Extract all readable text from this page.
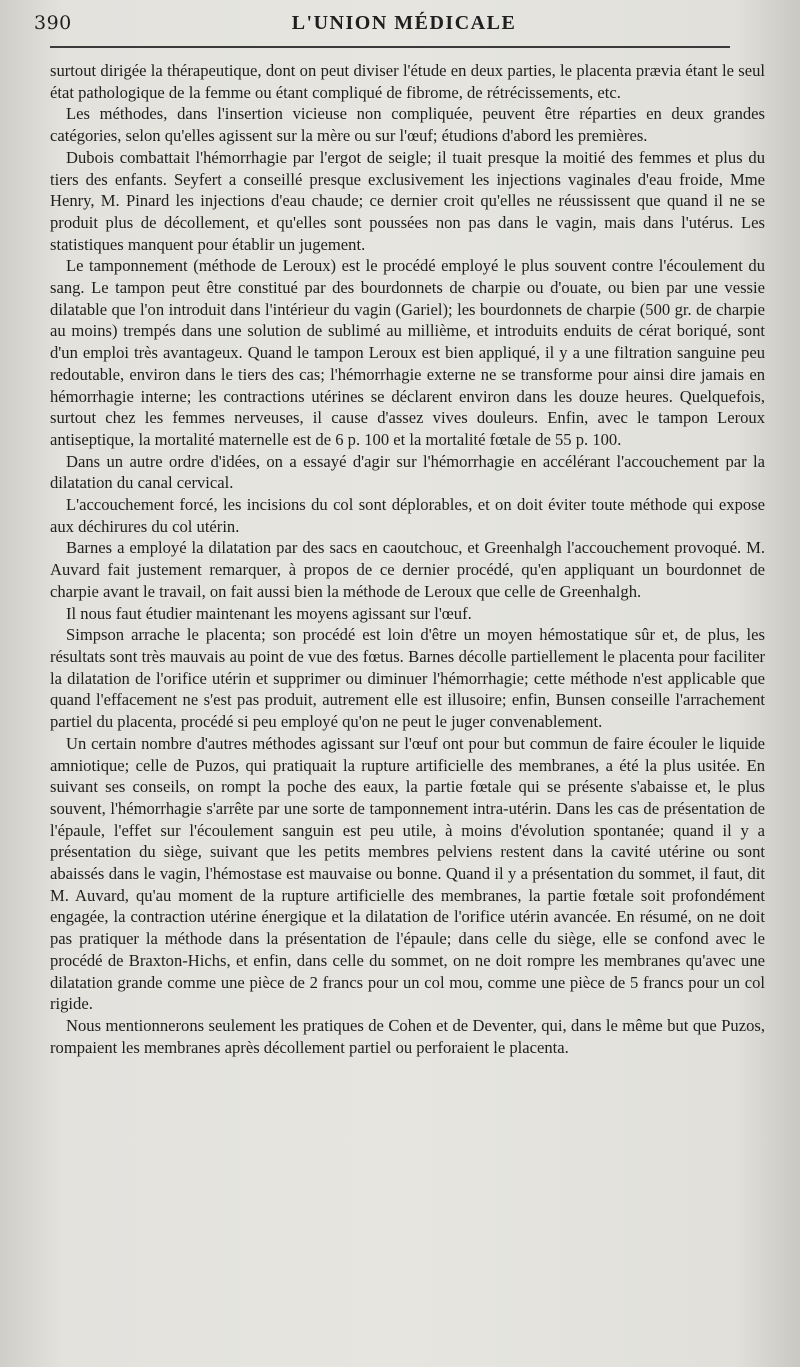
390	L'UNION MÉDICALE

surtout dirigée la thérapeutique, dont on peut diviser l'étude en deux parties, le placenta prævia étant le seul état pathologique de la femme ou étant compliqué de fibrome, de rétrécissements, etc.

Les méthodes, dans l'insertion vicieuse non compliquée, peuvent être réparties en deux grandes catégories, selon qu'elles agissent sur la mère ou sur l'œuf; étudions d'abord les premières.

Dubois combattait l'hémorrhagie par l'ergot de seigle; il tuait presque la moitié des femmes et plus du tiers des enfants. Seyfert a conseillé presque exclusivement les injections vaginales d'eau froide, Mme Henry, M. Pinard les injections d'eau chaude; ce dernier croit qu'elles ne réussissent que quand il ne se produit plus de décollement, et qu'elles sont poussées non pas dans le vagin, mais dans l'utérus. Les statistiques manquent pour établir un jugement.

Le tamponnement (méthode de Leroux) est le procédé employé le plus souvent contre l'écoulement du sang. Le tampon peut être constitué par des bourdonnets de charpie ou d'ouate, ou bien par une vessie dilatable que l'on introduit dans l'intérieur du vagin (Gariel); les bourdonnets de charpie (500 gr. de charpie au moins) trempés dans une solution de sublimé au millième, et introduits enduits de cérat boriqué, sont d'un emploi très avantageux. Quand le tampon Leroux est bien appliqué, il y a une filtration sanguine peu redoutable, environ dans le tiers des cas; l'hémorrhagie externe ne se transforme pour ainsi dire jamais en hémorrhagie interne; les contractions utérines se déclarent environ dans les douze heures. Quelquefois, surtout chez les femmes nerveuses, il cause d'assez vives douleurs. Enfin, avec le tampon Leroux antiseptique, la mortalité maternelle est de 6 p. 100 et la mortalité fœtale de 55 p. 100.

Dans un autre ordre d'idées, on a essayé d'agir sur l'hémorrhagie en accélérant l'accouchement par la dilatation du canal cervical.

L'accouchement forcé, les incisions du col sont déplorables, et on doit éviter toute méthode qui expose aux déchirures du col utérin.

Barnes a employé la dilatation par des sacs en caoutchouc, et Greenhalgh l'accouchement provoqué. M. Auvard fait justement remarquer, à propos de ce dernier procédé, qu'en appliquant un bourdonnet de charpie avant le travail, on fait aussi bien la méthode de Leroux que celle de Greenhalgh.

Il nous faut étudier maintenant les moyens agissant sur l'œuf.

Simpson arrache le placenta; son procédé est loin d'être un moyen hémostatique sûr et, de plus, les résultats sont très mauvais au point de vue des fœtus. Barnes décolle partiellement le placenta pour faciliter la dilatation de l'orifice utérin et supprimer ou diminuer l'hémorrhagie; cette méthode n'est applicable que quand l'effacement ne s'est pas produit, autrement elle est illusoire; enfin, Bunsen conseille l'arrachement partiel du placenta, procédé si peu employé qu'on ne peut le juger convenablement.

Un certain nombre d'autres méthodes agissant sur l'œuf ont pour but commun de faire écouler le liquide amniotique; celle de Puzos, qui pratiquait la rupture artificielle des membranes, a été la plus usitée. En suivant ses conseils, on rompt la poche des eaux, la partie fœtale qui se présente s'abaisse et, le plus souvent, l'hémorrhagie s'arrête par une sorte de tamponnement intra-utérin. Dans les cas de présentation de l'épaule, l'effet sur l'écoulement sanguin est peu utile, à moins d'évolution spontanée; quand il y a présentation du siège, suivant que les petits membres pelviens restent dans la cavité utérine ou sont abaissés dans le vagin, l'hémostase est mauvaise ou bonne. Quand il y a présentation du sommet, il faut, dit M. Auvard, qu'au moment de la rupture artificielle des membranes, la partie fœtale soit profondément engagée, la contraction utérine énergique et la dilatation de l'orifice utérin avancée. En résumé, on ne doit pas pratiquer la méthode dans la présentation de l'épaule; dans celle du siège, elle se confond avec le procédé de Braxton-Hichs, et enfin, dans celle du sommet, on ne doit rompre les membranes qu'avec une dilatation grande comme une pièce de 2 francs pour un col mou, comme une pièce de 5 francs pour un col rigide.

Nous mentionnerons seulement les pratiques de Cohen et de Deventer, qui, dans le même but que Puzos, rompaient les membranes après décollement partiel ou perforaient le placenta.
